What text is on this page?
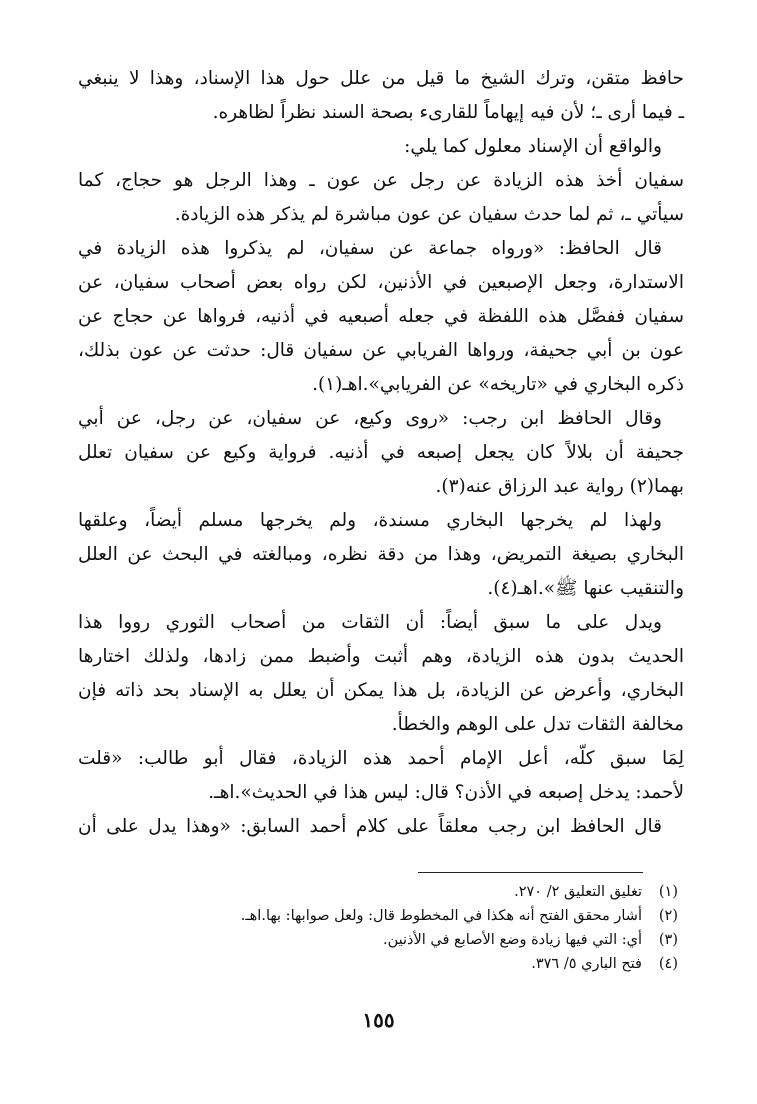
حافظ متقن، وترك الشيخ ما قيل من علل حول هذا الإسناد، وهذا لا ينبغي
ـ فيما أرى ـ؛ لأن فيه إيهاماً للقارىء بصحة السند نظراً لظاهره.
والواقع أن الإسناد معلول كما يلي:
سفيان أخذ هذه الزيادة عن رجل عن عون ـ وهذا الرجل هو حجاج، كما
سيأتي ـ، ثم لما حدث سفيان عن عون مباشرة لم يذكر هذه الزيادة.
قال الحافظ: «ورواه جماعة عن سفيان، لم يذكروا هذه الزيادة في
الاستدارة، وجعل الإصبعين في الأذنين، لكن رواه بعض أصحاب سفيان، عن
سفيان ففصَّل هذه اللفظة في جعله أصبعيه في أذنيه، فرواها عن حجاج عن
عون بن أبي جحيفة، ورواها الفريابي عن سفيان قال: حدثت عن عون بذلك،
ذكره البخاري في «تاريخه» عن الفريابي».اهـ(١).
وقال الحافظ ابن رجب: «روى وكيع، عن سفيان، عن رجل، عن أبي
جحيفة أن بلالاً كان يجعل إصبعه في أذنيه. فرواية وكيع عن سفيان تعلل
بهما(٢) رواية عبد الرزاق عنه(٣).
ولهذا لم يخرجها البخاري مسندة، ولم يخرجها مسلم أيضاً، وعلقها
البخاري بصيغة التمريض، وهذا من دقة نظره، ومبالغته في البحث عن العلل
والتنقيب عنها ﷺ».اهـ(٤).
ويدل على ما سبق أيضاً: أن الثقات من أصحاب الثوري رووا هذا
الحديث بدون هذه الزيادة، وهم أثبت وأضبط ممن زادها، ولذلك اختارها
البخاري، وأعرض عن الزيادة، بل هذا يمكن أن يعلل به الإسناد بحد ذاته فإن
مخالفة الثقات تدل على الوهم والخطأ.
لِمَا سبق كلّه، أعل الإمام أحمد هذه الزيادة، فقال أبو طالب: «قلت
لأحمد: يدخل إصبعه في الأذن؟ قال: ليس هذا في الحديث».اهـ.
قال الحافظ ابن رجب معلقاً على كلام أحمد السابق: «وهذا يدل على أن
(١)تغليق التعليق ٢/ ٢٧٠.
(٢)أشار محقق الفتح أنه هكذا في المخطوط قال: ولعل صوابها: بها.اهـ.
(٣)أي: التي فيها زيادة وضع الأصابع في الأذنين.
(٤)فتح الباري ٥/ ٣٧٦.
١٥٥
